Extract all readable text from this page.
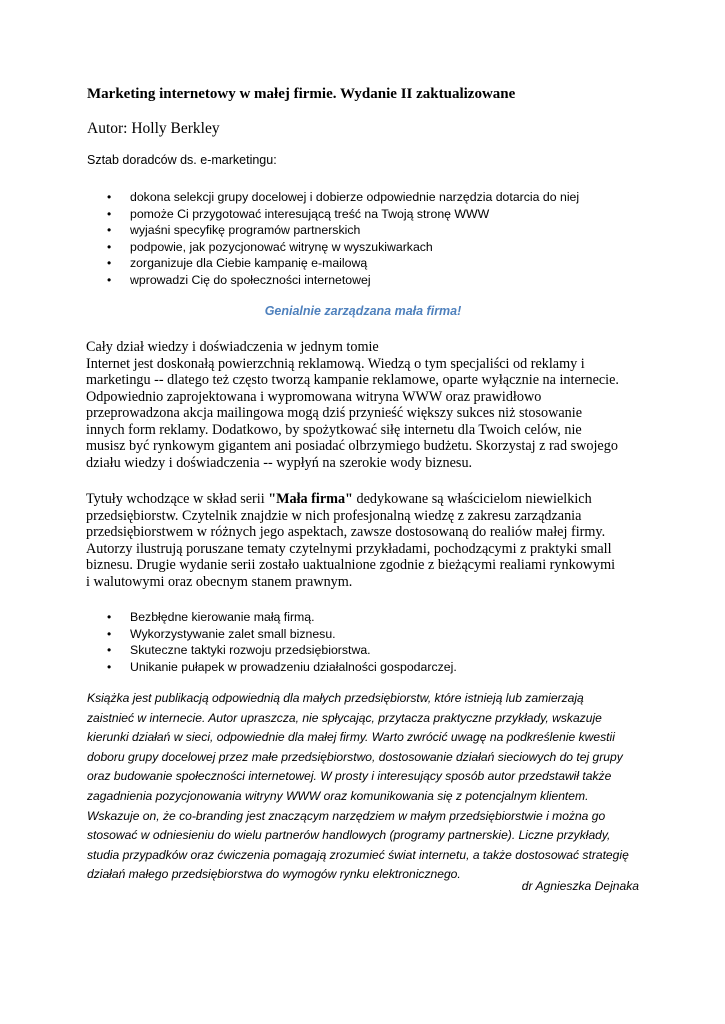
Marketing internetowy w małej firmie. Wydanie II zaktualizowane
Autor: Holly Berkley
Sztab doradców ds. e-marketingu:
• dokona selekcji grupy docelowej i dobierze odpowiednie narzędzia dotarcia do niej
• pomoże Ci przygotować interesującą treść na Twoją stronę WWW
• wyjaśni specyfikę programów partnerskich
• podpowie, jak pozycjonować witrynę w wyszukiwarkach
• zorganizuje dla Ciebie kampanię e-mailową
• wprowadzi Cię do społeczności internetowej
Genialnie zarządzana mała firma!
Cały dział wiedzy i doświadczenia w jednym tomie
Internet jest doskonałą powierzchnią reklamową. Wiedzą o tym specjaliści od reklamy i
marketingu -- dlatego też często tworzą kampanie reklamowe, oparte wyłącznie na internecie.
Odpowiednio zaprojektowana i wypromowana witryna WWW oraz prawidłowo
przeprowadzona akcja mailingowa mogą dziś przynieść większy sukces niż stosowanie
innych form reklamy. Dodatkowo, by spożytkować siłę internetu dla Twoich celów, nie
musisz być rynkowym gigantem ani posiadać olbrzymiego budżetu. Skorzystaj z rad swojego
działu wiedzy i doświadczenia -- wypłyń na szerokie wody biznesu.
Tytuły wchodzące w skład serii "Mała firma" dedykowane są właścicielom niewielkich
przedsiębiorstw. Czytelnik znajdzie w nich profesjonalną wiedzę z zakresu zarządzania
przedsiębiorstwem w różnych jego aspektach, zawsze dostosowaną do realiów małej firmy.
Autorzy ilustrują poruszane tematy czytelnymi przykładami, pochodzącymi z praktyki small
biznesu. Drugie wydanie serii zostało uaktualnione zgodnie z bieżącymi realiami rynkowymi
i walutowymi oraz obecnym stanem prawnym.
• Bezbłędne kierowanie małą firmą.
• Wykorzystywanie zalet small biznesu.
• Skuteczne taktyki rozwoju przedsiębiorstwa.
• Unikanie pułapek w prowadzeniu działalności gospodarczej.
Książka jest publikacją odpowiednią dla małych przedsiębiorstw, które istnieją lub zamierzają
zaistnieć w internecie. Autor upraszcza, nie spłycając, przytacza praktyczne przykłady, wskazuje
kierunki działań w sieci, odpowiednie dla małej firmy. Warto zwrócić uwagę na podkreślenie kwestii
doboru grupy docelowej przez małe przedsiębiorstwo, dostosowanie działań sieciowych do tej grupy
oraz budowanie społeczności internetowej. W prosty i interesujący sposób autor przedstawił także
zagadnienia pozycjonowania witryny WWW oraz komunikowania się z potencjalnym klientem.
Wskazuje on, że co-branding jest znaczącym narzędziem w małym przedsiębiorstwie i można go
stosować w odniesieniu do wielu partnerów handlowych (programy partnerskie). Liczne przykłady,
studia przypadków oraz ćwiczenia pomagają zrozumieć świat internetu, a także dostosować strategię
działań małego przedsiębiorstwa do wymogów rynku elektronicznego.
dr Agnieszka Dejnaka
